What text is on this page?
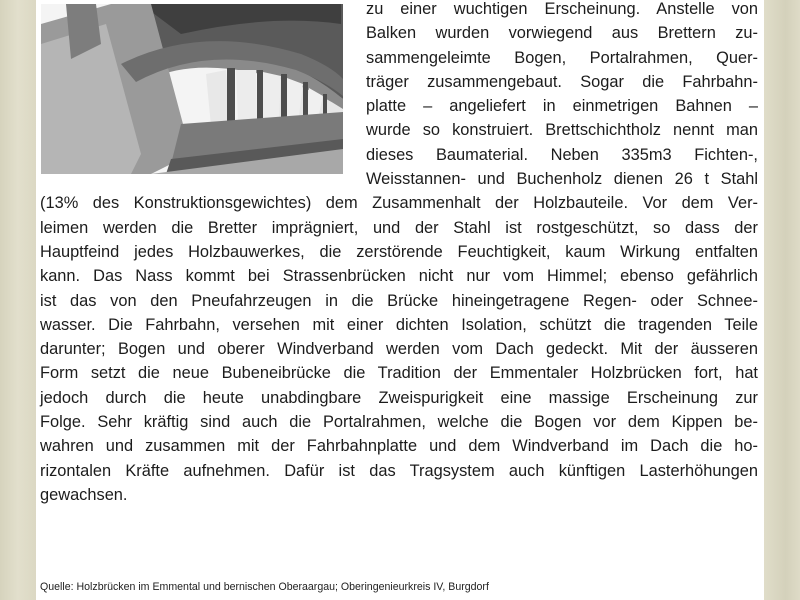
zu einer wuchtigen Erscheinung. Anstelle von
Balken wurden vorwiegend aus Brettern zu-
sammengeleimte Bogen, Portalrahmen, Quer-
träger zusammengebaut. Sogar die Fahrbahn-
platte – angeliefert in einmetrigen Bahnen –
wurde so konstruiert. Brettschichtholz nennt man
dieses Baumaterial. Neben 335m3 Fichten-,
Weisstannen- und Buchenholz dienen 26 t Stahl
(13% des Konstruktionsgewichtes) dem Zusammenhalt der Holzbauteile. Vor dem Ver-
leimen werden die Bretter imprägniert, und der Stahl ist rostgeschützt, so dass der
Hauptfeind jedes Holzbauwerkes, die zerstörende Feuchtigkeit, kaum Wirkung entfalten
kann. Das Nass kommt bei Strassenbrücken nicht nur vom Himmel; ebenso gefährlich
ist das von den Pneufahrzeugen in die Brücke hineingetragene Regen- oder Schnee-
wasser. Die Fahrbahn, versehen mit einer dichten Isolation, schützt die tragenden Teile
darunter; Bogen und oberer Windverband werden vom Dach gedeckt. Mit der äusseren
Form setzt die neue Bubeneibrücke die Tradition der Emmentaler Holzbrücken fort, hat
jedoch durch die heute unabdingbare Zweispurigkeit eine massige Erscheinung zur
Folge. Sehr kräftig sind auch die Portalrahmen, welche die Bogen vor dem Kippen be-
wahren und zusammen mit der Fahrbahnplatte und dem Windverband im Dach die ho-
rizontalen Kräfte aufnehmen. Dafür ist das Tragsystem auch künftigen Lasterhöhungen
gewachsen.
Quelle: Holzbrücken im Emmental und bernischen Oberaargau; Oberingenieurkreis IV, Burgdorf
